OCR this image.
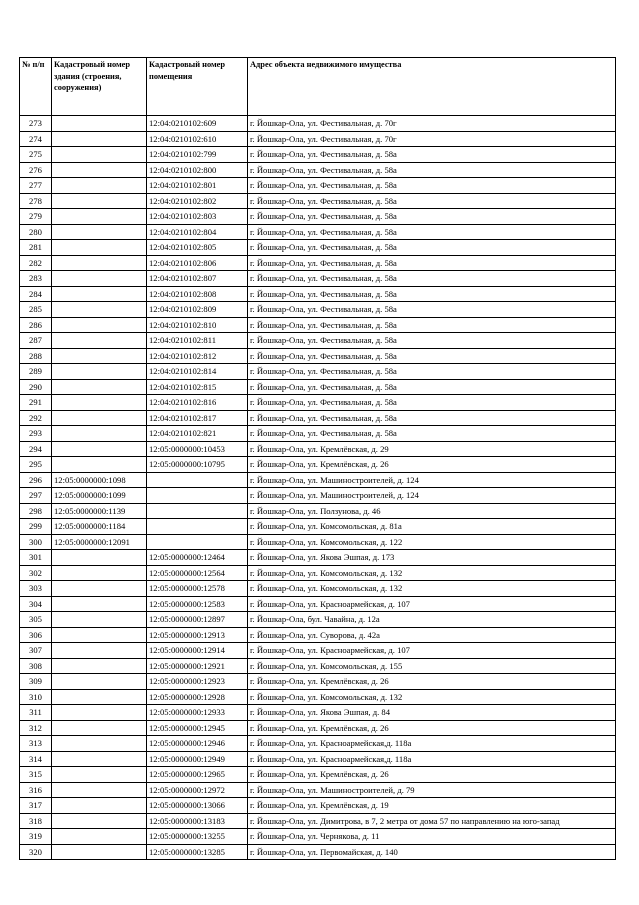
№ п/п	Кадастровый номер здания (строения, сооружения)	Кадастровый номер помещения	Адрес объекта недвижимого имущества
273		12:04:0210102:609	г. Йошкар-Ола, ул. Фестивальная, д. 70г
274		12:04:0210102:610	г. Йошкар-Ола, ул. Фестивальная, д. 70г
275		12:04:0210102:799	г. Йошкар-Ола, ул. Фестивальная, д. 58а
276		12:04:0210102:800	г. Йошкар-Ола, ул. Фестивальная, д. 58а
277		12:04:0210102:801	г. Йошкар-Ола, ул. Фестивальная, д. 58а
278		12:04:0210102:802	г. Йошкар-Ола, ул. Фестивальная, д. 58а
279		12:04:0210102:803	г. Йошкар-Ола, ул. Фестивальная, д. 58а
280		12:04:0210102:804	г. Йошкар-Ола, ул. Фестивальная, д. 58а
281		12:04:0210102:805	г. Йошкар-Ола, ул. Фестивальная, д. 58а
282		12:04:0210102:806	г. Йошкар-Ола, ул. Фестивальная, д. 58а
283		12:04:0210102:807	г. Йошкар-Ола, ул. Фестивальная, д. 58а
284		12:04:0210102:808	г. Йошкар-Ола, ул. Фестивальная, д. 58а
285		12:04:0210102:809	г. Йошкар-Ола, ул. Фестивальная, д. 58а
286		12:04:0210102:810	г. Йошкар-Ола, ул. Фестивальная, д. 58а
287		12:04:0210102:811	г. Йошкар-Ола, ул. Фестивальная, д. 58а
288		12:04:0210102:812	г. Йошкар-Ола, ул. Фестивальная, д. 58а
289		12:04:0210102:814	г. Йошкар-Ола, ул. Фестивальная, д. 58а
290		12:04:0210102:815	г. Йошкар-Ола, ул. Фестивальная, д. 58а
291		12:04:0210102:816	г. Йошкар-Ола, ул. Фестивальная, д. 58а
292		12:04:0210102:817	г. Йошкар-Ола, ул. Фестивальная, д. 58а
293		12:04:0210102:821	г. Йошкар-Ола, ул. Фестивальная, д. 58а
294		12:05:0000000:10453	г. Йошкар-Ола, ул. Кремлёвская, д. 29
295		12:05:0000000:10795	г. Йошкар-Ола, ул. Кремлёвская, д. 26
296	12:05:0000000:1098		г. Йошкар-Ола, ул. Машиностроителей, д. 124
297	12:05:0000000:1099		г. Йошкар-Ола, ул. Машиностроителей, д. 124
298	12:05:0000000:1139		г. Йошкар-Ола, ул. Ползунова, д. 46
299	12:05:0000000:1184		г. Йошкар-Ола, ул. Комсомольская, д. 81а
300	12:05:0000000:12091		г. Йошкар-Ола, ул. Комсомольская, д. 122
301		12:05:0000000:12464	г. Йошкар-Ола, ул. Якова Эшпая, д. 173
302		12:05:0000000:12564	г. Йошкар-Ола, ул. Комсомольская, д. 132
303		12:05:0000000:12578	г. Йошкар-Ола, ул. Комсомольская, д. 132
304		12:05:0000000:12583	г. Йошкар-Ола, ул. Красноармейская, д. 107
305		12:05:0000000:12897	г. Йошкар-Ола, бул. Чавайна, д. 12а
306		12:05:0000000:12913	г. Йошкар-Ола, ул. Суворова, д. 42а
307		12:05:0000000:12914	г. Йошкар-Ола, ул. Красноармейская, д. 107
308		12:05:0000000:12921	г. Йошкар-Ола, ул. Комсомольская, д. 155
309		12:05:0000000:12923	г. Йошкар-Ола, ул. Кремлёвская, д. 26
310		12:05:0000000:12928	г. Йошкар-Ола, ул. Комсомольская, д. 132
311		12:05:0000000:12933	г. Йошкар-Ола, ул. Якова Эшпая, д. 84
312		12:05:0000000:12945	г. Йошкар-Ола, ул. Кремлёвская, д. 26
313		12:05:0000000:12946	г. Йошкар-Ола, ул. Красноармейская,д. 118а
314		12:05:0000000:12949	г. Йошкар-Ола, ул. Красноармейская,д. 118а
315		12:05:0000000:12965	г. Йошкар-Ола, ул. Кремлёвская, д. 26
316		12:05:0000000:12972	г. Йошкар-Ола, ул. Машиностроителей, д. 79
317		12:05:0000000:13066	г. Йошкар-Ола, ул. Кремлёвская, д. 19
318		12:05:0000000:13183	г. Йошкар-Ола, ул. Димитрова, в 7, 2 метра от дома 57 по направлению на юго-запад
319		12:05:0000000:13255	г. Йошкар-Ола, ул. Чернякова, д. 11
320		12:05:0000000:13285	г. Йошкар-Ола, ул. Первомайская, д. 140
